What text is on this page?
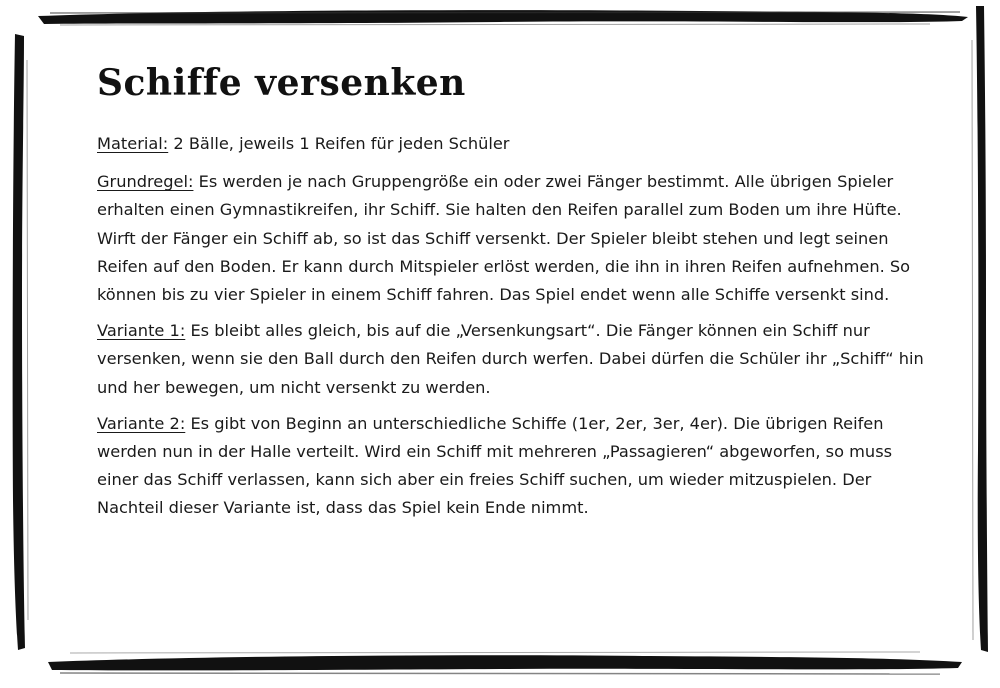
Schiffe versenken

Material: 2 Bälle, jeweils 1 Reifen für jeden Schüler

Grundregel: Es werden je nach Gruppengröße ein oder zwei Fänger bestimmt. Alle übrigen Spieler erhalten einen Gymnastikreifen, ihr Schiff. Sie halten den Reifen parallel zum Boden um ihre Hüfte. Wirft der Fänger ein Schiff ab, so ist das Schiff versenkt. Der Spieler bleibt stehen und legt seinen Reifen auf den Boden. Er kann durch Mitspieler erlöst werden, die ihn in ihren Reifen aufnehmen. So können bis zu vier Spieler in einem Schiff fahren. Das Spiel endet wenn alle Schiffe versenkt sind.

Variante 1: Es bleibt alles gleich, bis auf die „Versenkungsart“. Die Fänger können ein Schiff nur versenken, wenn sie den Ball durch den Reifen durch werfen. Dabei dürfen die Schüler ihr „Schiff“ hin und her bewegen, um nicht versenkt zu werden.

Variante 2: Es gibt von Beginn an unterschiedliche Schiffe (1er, 2er, 3er, 4er). Die übrigen Reifen werden nun in der Halle verteilt. Wird ein Schiff mit mehreren „Passagieren“ abgeworfen, so muss einer das Schiff verlassen, kann sich aber ein freies Schiff suchen, um wieder mitzuspielen. Der Nachteil dieser Variante ist, dass das Spiel kein Ende nimmt.
